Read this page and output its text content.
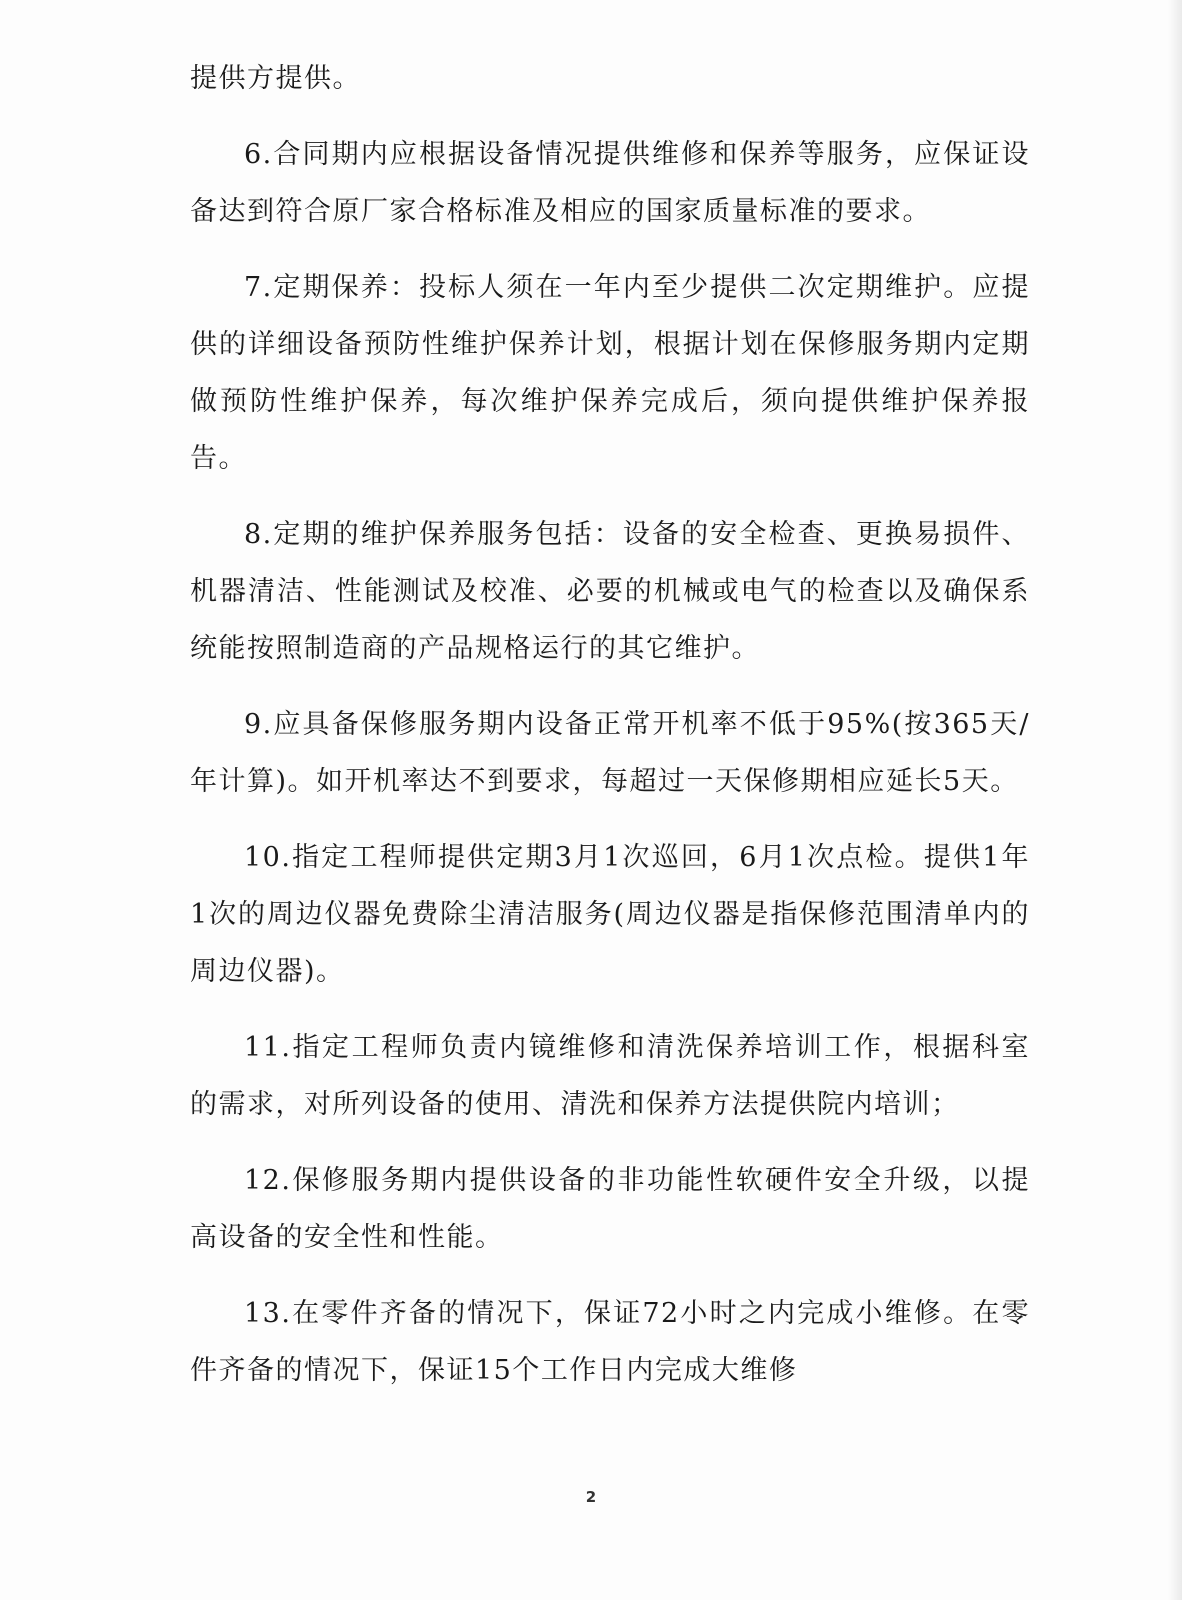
提供方提供。

6.合同期内应根据设备情况提供维修和保养等服务，应保证设备达到符合原厂家合格标准及相应的国家质量标准的要求。

7.定期保养：投标人须在一年内至少提供二次定期维护。应提供的详细设备预防性维护保养计划，根据计划在保修服务期内定期做预防性维护保养，每次维护保养完成后，须向提供维护保养报告。

8.定期的维护保养服务包括：设备的安全检查、更换易损件、机器清洁、性能测试及校准、必要的机械或电气的检查以及确保系统能按照制造商的产品规格运行的其它维护。

9.应具备保修服务期内设备正常开机率不低于95%(按365天/年计算)。如开机率达不到要求，每超过一天保修期相应延长5天。

10.指定工程师提供定期3月1次巡回，6月1次点检。提供1年1次的周边仪器免费除尘清洁服务(周边仪器是指保修范围清单内的周边仪器)。

11.指定工程师负责内镜维修和清洗保养培训工作，根据科室的需求，对所列设备的使用、清洗和保养方法提供院内培训；

12.保修服务期内提供设备的非功能性软硬件安全升级，以提高设备的安全性和性能。

13.在零件齐备的情况下，保证72小时之内完成小维修。在零件齐备的情况下，保证15个工作日内完成大维修

2
